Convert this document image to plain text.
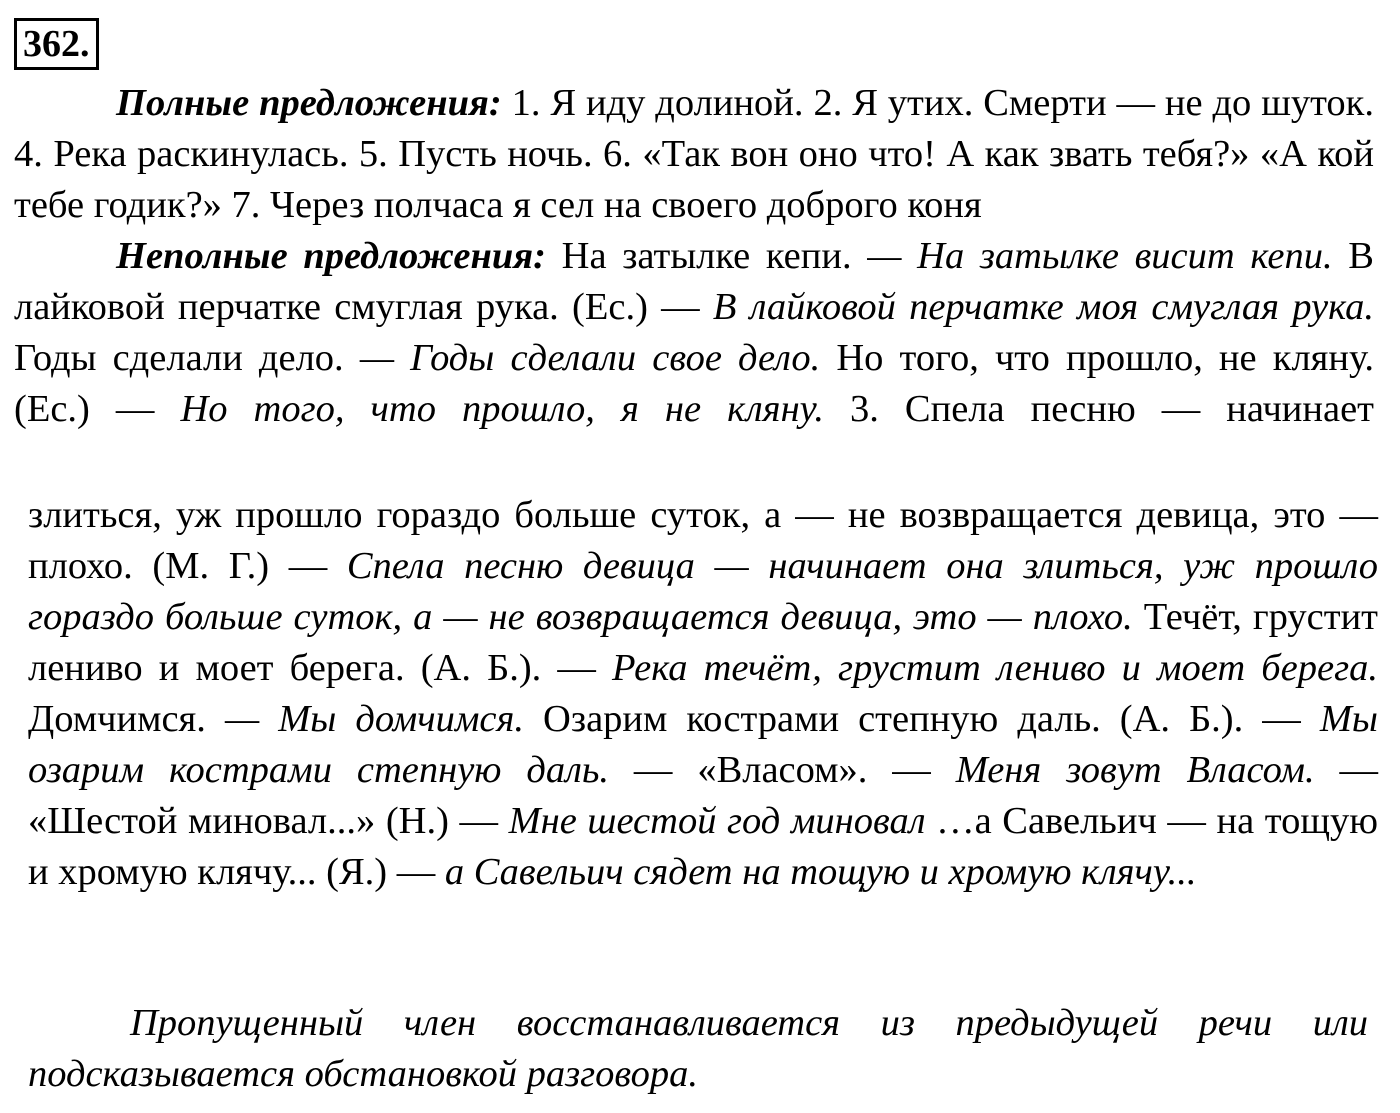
362.

Полные предложения: 1. Я иду долиной. 2. Я утих. Смерти — не до шуток. 4. Река раскинулась. 5. Пусть ночь. 6. «Так вон оно что! А как звать тебя?» «А кой тебе годик?» 7. Через полчаса я сел на своего доброго коня

Неполные предложения: На затылке кепи. — На затылке висит кепи. В лайковой перчатке смуглая рука. (Ес.) — В лайковой перчатке моя смуглая рука. Годы сделали дело. — Годы сделали свое дело. Но того, что прошло, не кляну. (Ес.) — Но того, что прошло, я не кляну. 3. Спела песню — начинает

злиться, уж прошло гораздо больше суток, а — не возвращается девица, это — плохо. (М. Г.) — Спела песню девица — начинает она злиться, уж прошло гораздо больше суток, а — не возвращается девица, это — плохо. Течёт, грустит лениво и моет берега. (А. Б.). — Река течёт, грустит лениво и моет берега. Домчимся. — Мы домчимся. Озарим кострами степную даль. (А. Б.). — Мы озарим кострами степную даль. — «Власом». — Меня зовут Власом. — «Шестой миновал...» (Н.) — Мне шестой год миновал …а Савельич — на тощую и хромую клячу... (Я.) — а Савельич сядет на тощую и хромую клячу...

Пропущенный член восстанавливается из предыдущей речи или подсказывается обстановкой разговора.
